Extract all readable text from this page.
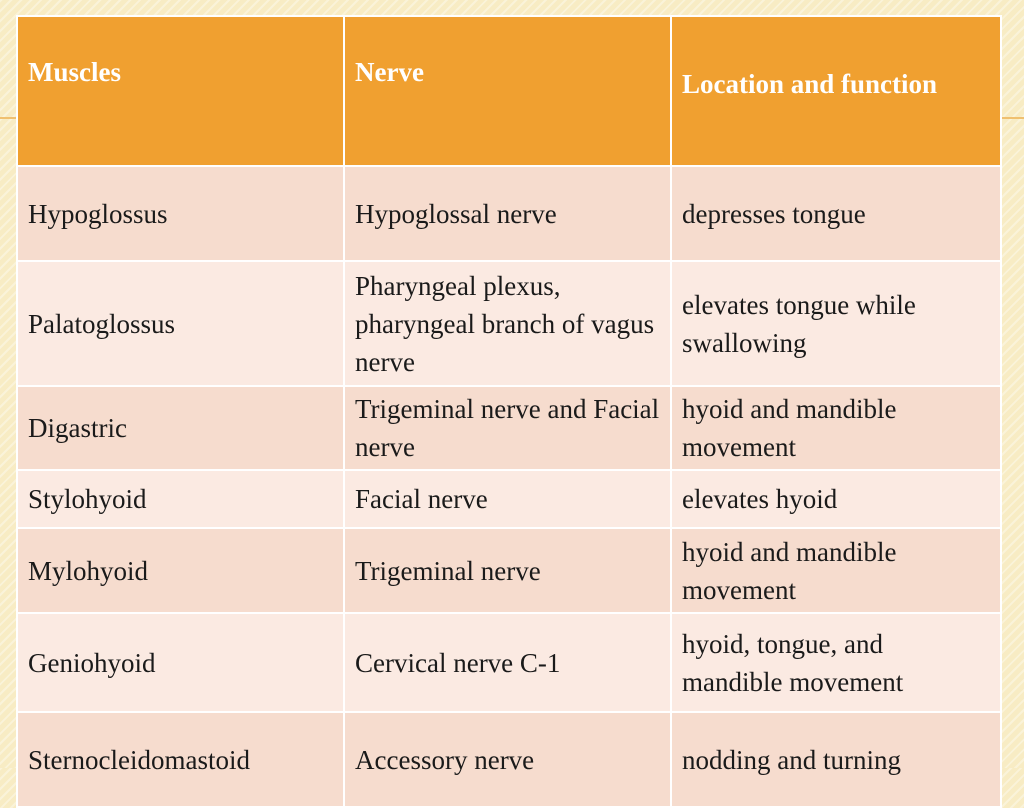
Muscles	Nerve	Location and function
Hypoglossus	Hypoglossal nerve	depresses tongue
Palatoglossus	Pharyngeal plexus, pharyngeal branch of vagus nerve	elevates tongue while swallowing
Digastric	Trigeminal nerve and Facial nerve	hyoid and mandible movement
Stylohyoid	Facial nerve	elevates hyoid
Mylohyoid	Trigeminal nerve	hyoid and mandible movement
Geniohyoid	Cervical nerve C-1	hyoid, tongue, and mandible movement
Sternocleidomastoid	Accessory nerve	nodding and turning
